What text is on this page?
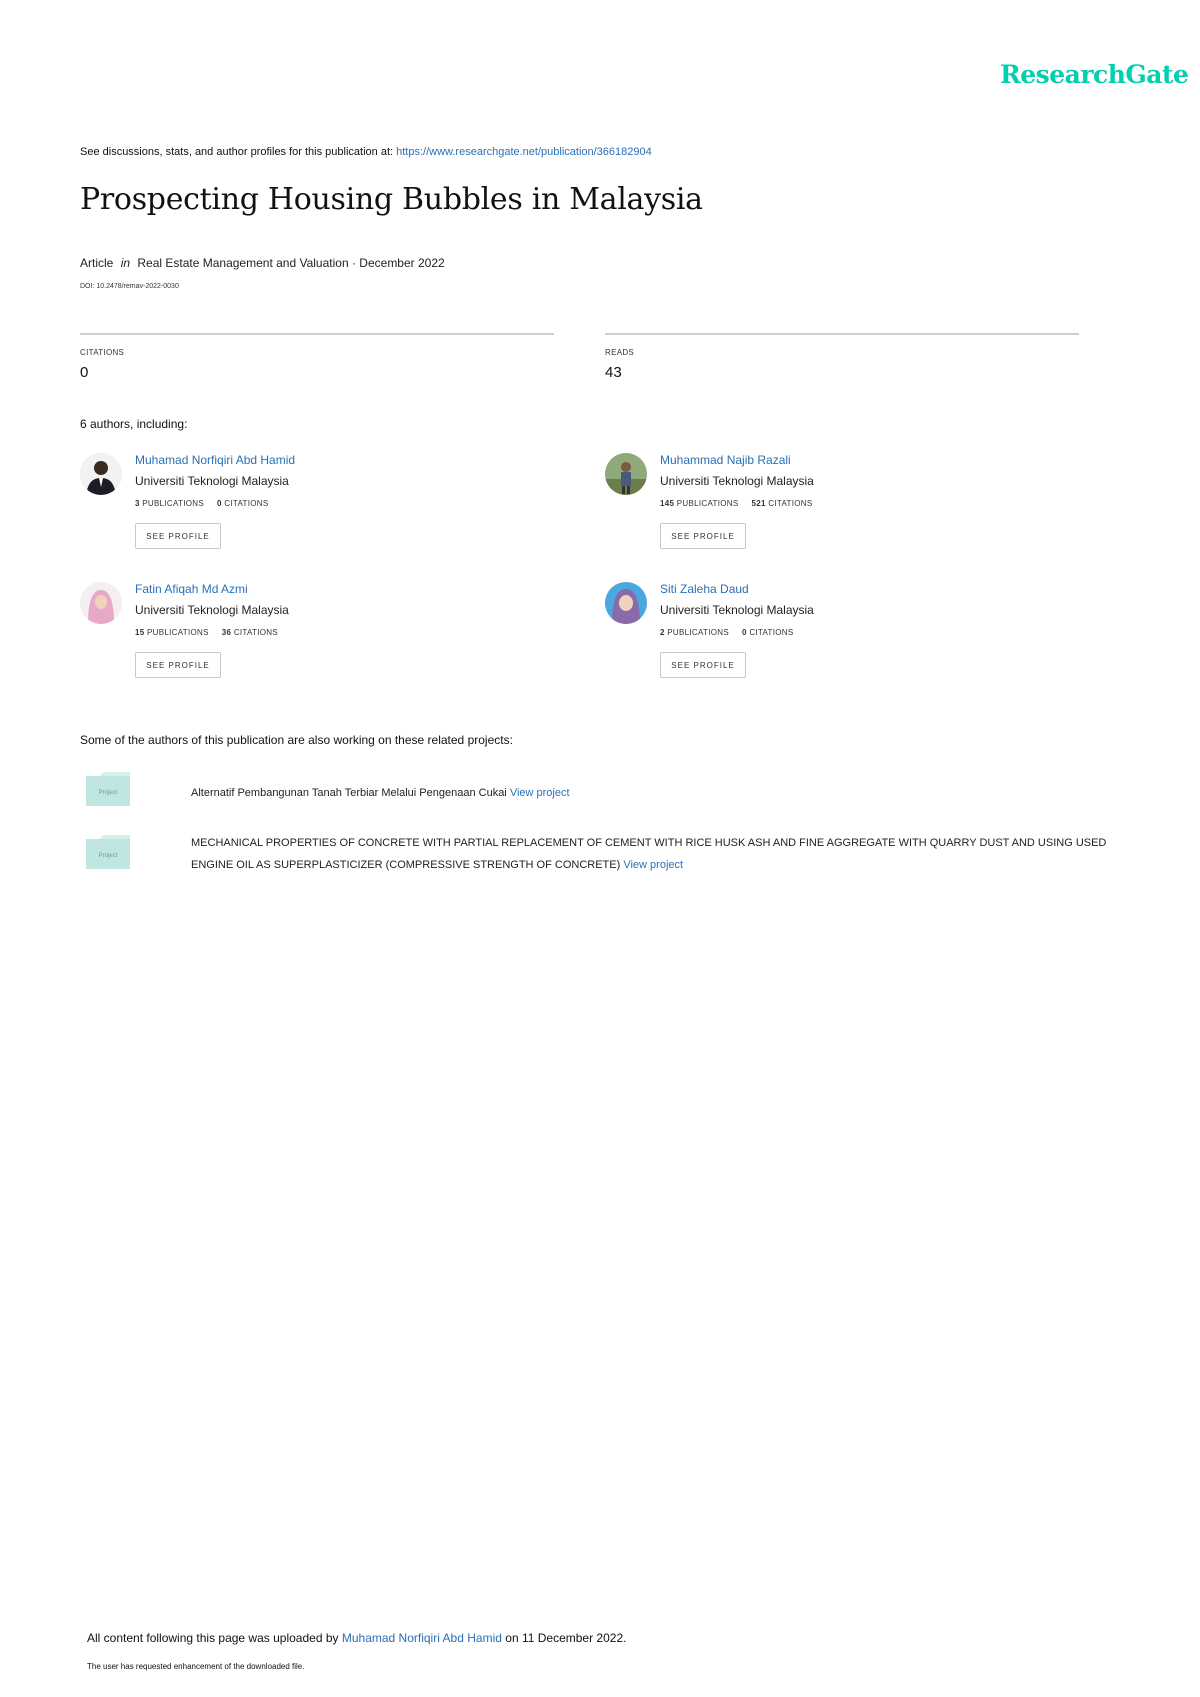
ResearchGate
See discussions, stats, and author profiles for this publication at: https://www.researchgate.net/publication/366182904
Prospecting Housing Bubbles in Malaysia
Article in Real Estate Management and Valuation · December 2022
DOI: 10.2478/remav-2022-0030
CITATIONS
0
READS
43
6 authors, including:
Muhamad Norfiqiri Abd Hamid
Universiti Teknologi Malaysia
3 PUBLICATIONS 0 CITATIONS
SEE PROFILE
Muhammad Najib Razali
Universiti Teknologi Malaysia
145 PUBLICATIONS 521 CITATIONS
SEE PROFILE
Fatin Afiqah Md Azmi
Universiti Teknologi Malaysia
15 PUBLICATIONS 36 CITATIONS
SEE PROFILE
Siti Zaleha Daud
Universiti Teknologi Malaysia
2 PUBLICATIONS 0 CITATIONS
SEE PROFILE
Some of the authors of this publication are also working on these related projects:
Project	Alternatif Pembangunan Tanah Terbiar Melalui Pengenaan Cukai View project
Project
MECHANICAL PROPERTIES OF CONCRETE WITH PARTIAL REPLACEMENT OF CEMENT WITH RICE HUSK ASH AND FINE AGGREGATE WITH QUARRY DUST AND USING USED
ENGINE OIL AS SUPERPLASTICIZER (COMPRESSIVE STRENGTH OF CONCRETE) View project
All content following this page was uploaded by Muhamad Norfiqiri Abd Hamid on 11 December 2022.
The user has requested enhancement of the downloaded file.
